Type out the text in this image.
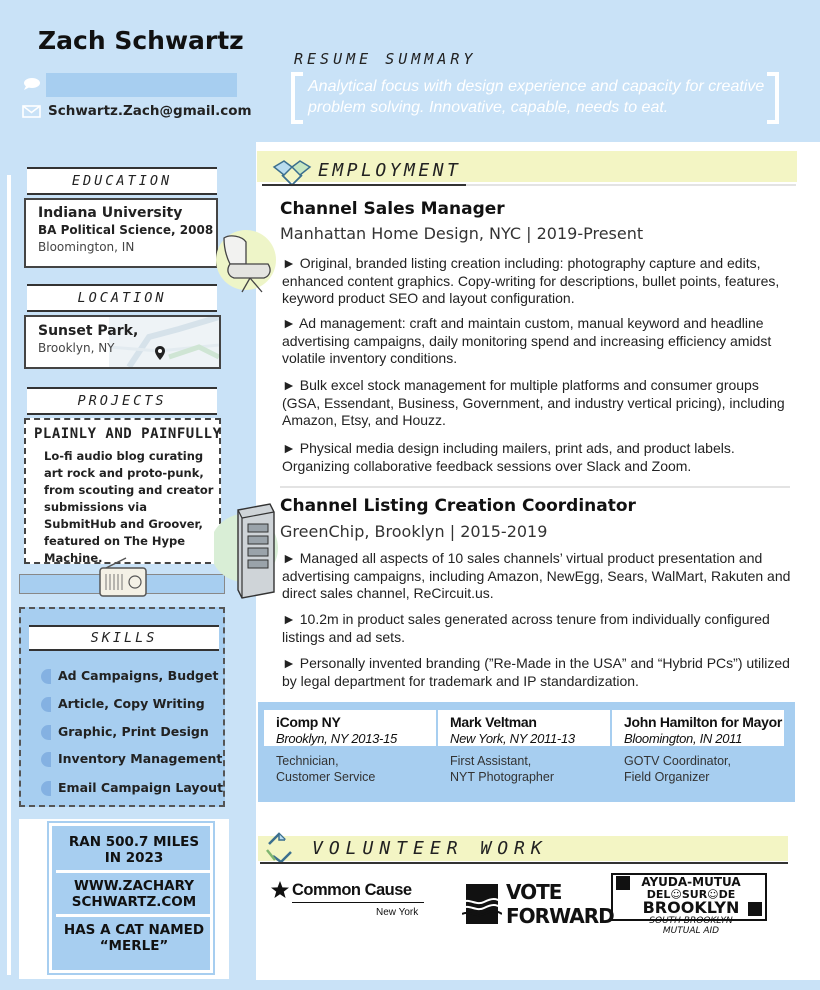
Zach Schwartz
Schwartz.Zach@gmail.com
RESUME SUMMARY
Analytical focus with design experience and capacity for creative problem solving. Innovative, capable, needs to eat.
EDUCATION
Indiana University
BA Political Science, 2008
Bloomington, IN
LOCATION
Sunset Park,
Brooklyn, NY
PROJECTS
PLAINLY AND PAINFULLY
Lo-fi audio blog curating art rock and proto-punk, from scouting and creator submissions via SubmitHub and Groover, featured on The Hype Machine.
SKILLS
Ad Campaigns, Budget
Article, Copy Writing
Graphic, Print Design
Inventory Management
Email Campaign Layout
RAN 500.7 MILES
IN 2023
WWW.ZACHARY
SCHWARTZ.COM
HAS A CAT NAMED
“MERLE”
EMPLOYMENT
Channel Sales Manager
Manhattan Home Design, NYC | 2019-Present
► Original, branded listing creation including: photography capture and edits, enhanced content graphics. Copy-writing for descriptions, bullet points, features, keyword product SEO and layout configuration.
► Ad management: craft and maintain custom, manual keyword and headline advertising campaigns, daily monitoring spend and increasing efficiency amidst volatile inventory conditions.
► Bulk excel stock management for multiple platforms and consumer groups (GSA, Essendant, Business, Government, and industry vertical pricing), including Amazon, Etsy, and Houzz.
► Physical media design including mailers, print ads, and product labels. Organizing collaborative feedback sessions over Slack and Zoom.
Channel Listing Creation Coordinator
GreenChip, Brooklyn | 2015-2019
► Managed all aspects of 10 sales channels’ virtual product presentation and advertising campaigns, including Amazon, NewEgg, Sears, WalMart, Rakuten and direct sales channel, ReCircuit.us.
► 10.2m in product sales generated across tenure from individually configured listings and ad sets.
► Personally invented branding (”Re-Made in the USA” and “Hybrid PCs”) utilized by legal department for trademark and IP standardization.
iComp NY
Brooklyn, NY 2013-15
Technician,
Customer Service
Mark Veltman
New York, NY 2011-13
First Assistant,
NYT Photographer
John Hamilton for Mayor
Bloomington, IN 2011
GOTV Coordinator,
Field Organizer
VOLUNTEER WORK
Common Cause
New York
VOTE
FORWARD
AYUDA-MUTUA
DEL☺SUR☺DE
BROOKLYN
SOUTH BROOKLYN
MUTUAL AID
